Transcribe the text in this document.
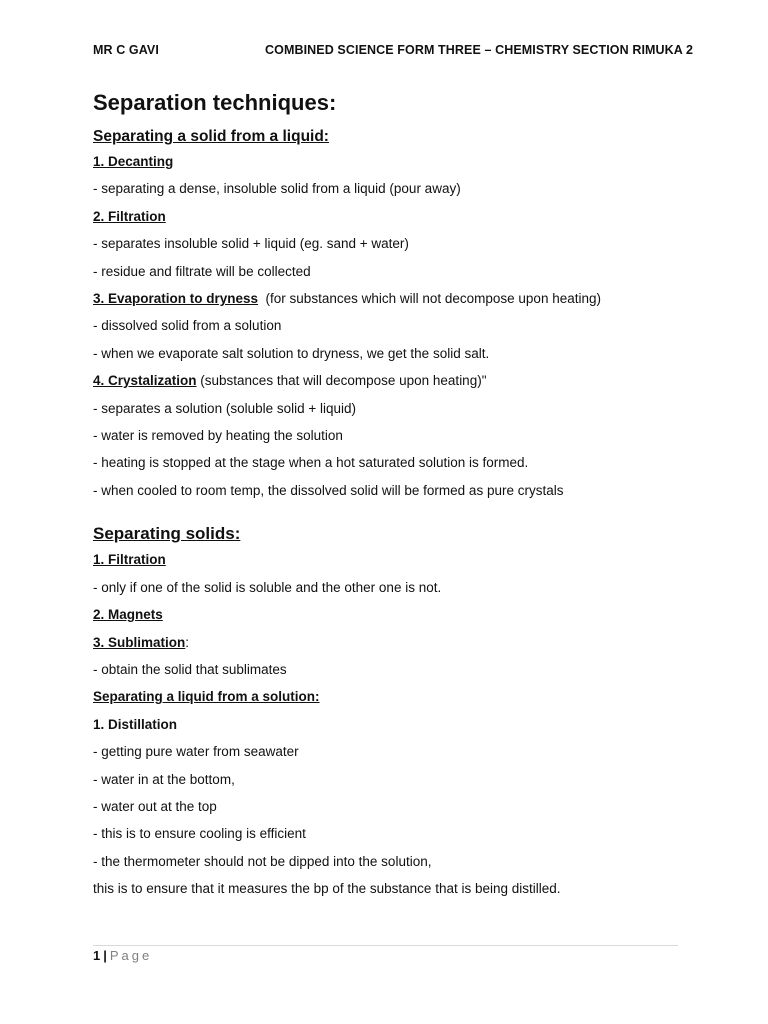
MR C GAVI	COMBINED SCIENCE FORM THREE – CHEMISTRY SECTION RIMUKA 2
Separation techniques:
Separating a solid from a liquid:
1. Decanting
- separating a dense, insoluble solid from a liquid (pour away)
2. Filtration
- separates insoluble solid + liquid (eg. sand + water)
- residue and filtrate will be collected
3. Evaporation to dryness  (for substances which will not decompose upon heating)
- dissolved solid from a solution
- when we evaporate salt solution to dryness, we get the solid salt.
4. Crystalization (substances that will decompose upon heating)"
- separates a solution (soluble solid + liquid)
- water is removed by heating the solution
- heating is stopped at the stage when a hot saturated solution is formed.
- when cooled to room temp, the dissolved solid will be formed as pure crystals
Separating solids:
1. Filtration
- only if one of the solid is soluble and the other one is not.
2. Magnets
3. Sublimation:
- obtain the solid that sublimates
Separating a liquid from a solution:
1. Distillation
- getting pure water from seawater
- water in at the bottom,
- water out at the top
- this is to ensure cooling is efficient
- the thermometer should not be dipped into the solution,
this is to ensure that it measures the bp of the substance that is being distilled.
1 | Page
